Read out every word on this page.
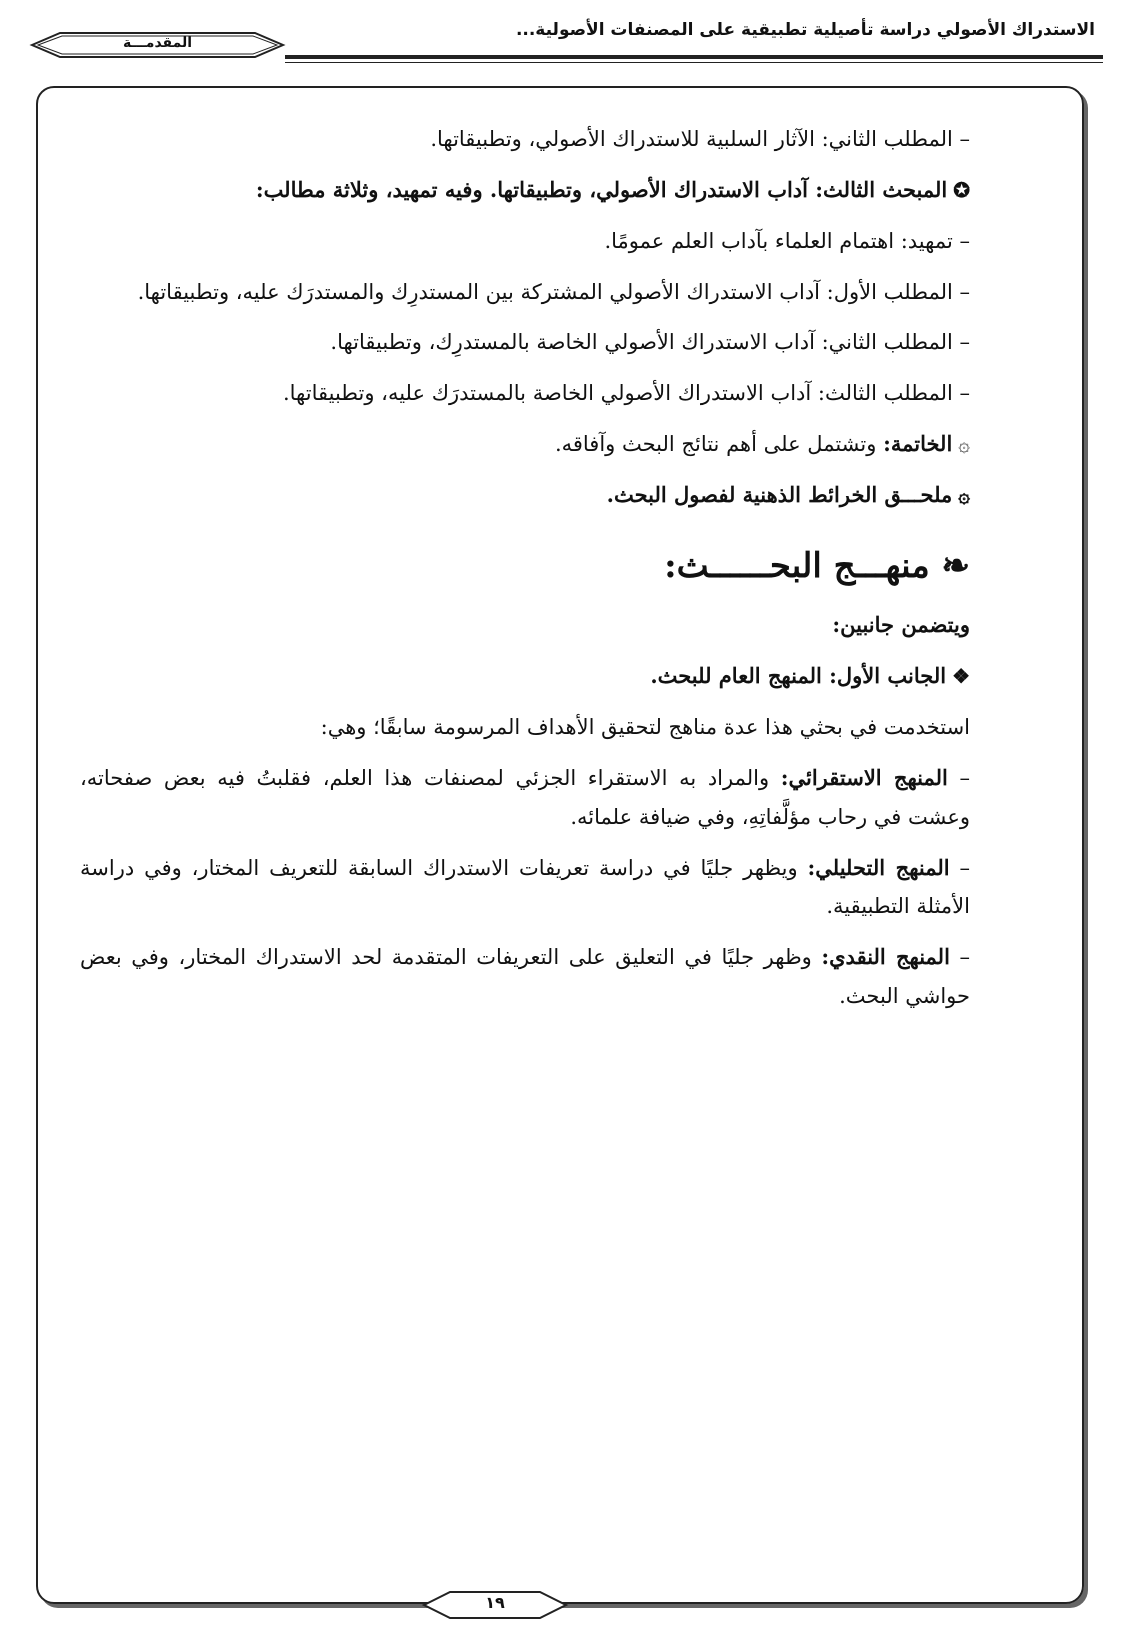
الاستدراك الأصولي دراسة تأصيلية تطبيقية على المصنفات الأصولية...
المقدمـــة

– المطلب الثاني: الآثار السلبية للاستدراك الأصولي، وتطبيقاتها.

✪المبحث الثالث: آداب الاستدراك الأصولي، وتطبيقاتها. وفيه تمهيد، وثلاثة مطالب:

– تمهيد: اهتمام العلماء بآداب العلم عمومًا.

– المطلب الأول: آداب الاستدراك الأصولي المشتركة بين المستدرِك والمستدرَك عليه، وتطبيقاتها.

– المطلب الثاني: آداب الاستدراك الأصولي الخاصة بالمستدرِك، وتطبيقاتها.

– المطلب الثالث: آداب الاستدراك الأصولي الخاصة بالمستدرَك عليه، وتطبيقاتها.

۞الخاتمة: وتشتمل على أهم نتائج البحث وآفاقه.

۞ملحـــق الخرائط الذهنية لفصول البحث.

❧ منهـــج البحــــــث:

ويتضمن جانبين:

❖الجانب الأول: المنهج العام للبحث.

استخدمت في بحثي هذا عدة مناهج لتحقيق الأهداف المرسومة سابقًا؛ وهي:

– المنهج الاستقرائي: والمراد به الاستقراء الجزئي لمصنفات هذا العلم، فقلبتُ فيه بعض صفحاته، وعشت في رحاب مؤلَّفاتِهِ، وفي ضيافة علمائه.

– المنهج التحليلي: ويظهر جليًا في دراسة تعريفات الاستدراك السابقة للتعريف المختار، وفي دراسة الأمثلة التطبيقية.

– المنهج النقدي: وظهر جليًا في التعليق على التعريفات المتقدمة لحد الاستدراك المختار، وفي بعض حواشي البحث.

١٩
